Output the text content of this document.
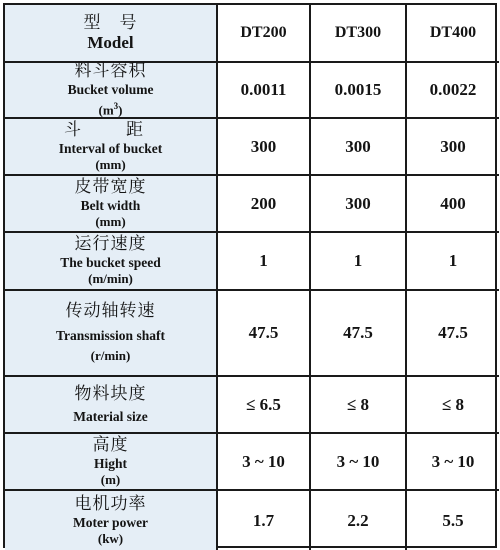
型　号
Model
DT200	DT300	DT400
料斗容积
Bucket volume
$(m^3)$
0.0011	0.0015	0.0022
斗　距
Interval of bucket
(mm)
300	300	300
皮带宽度
Belt width
(mm)
200	300	400
运行速度
The bucket speed
(m/min)
1	1	1
传动轴转速
Transmission shaft
(r/min)
47.5	47.5	47.5
物料块度
Material size
≤ 6.5	≤ 8	≤ 8
高度
Hight
(m)
3 ~ 10	3 ~ 10	3 ~ 10
电机功率
Moter power
(kw)
1.7	2.2	5.5
